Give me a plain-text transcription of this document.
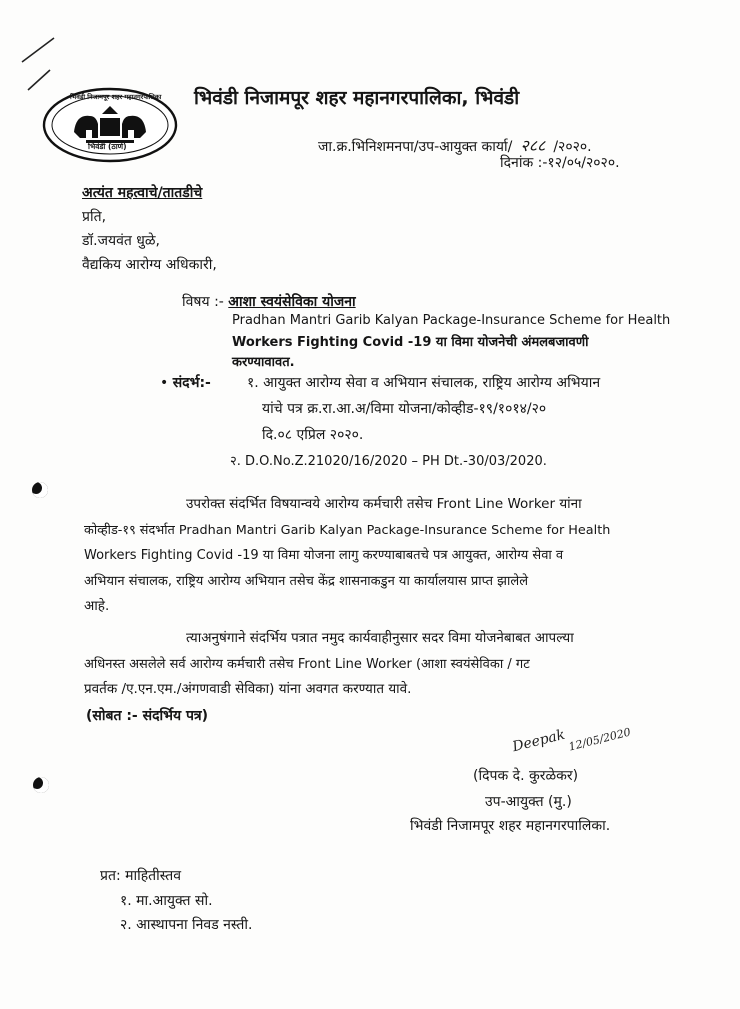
भिवंडी निजामपूर शहर महानगरपालिका
भिवंडी (ठाणे)
भिवंडी निजामपूर शहर महानगरपालिका, भिवंडी
जा.क्र.भिनिशमनपा/उप-आयुक्त कार्या/ २८८ /२०२०.
दिनांक :-१२/०५/२०२०.
अत्यंत महत्वाचे/तातडीचे
प्रति,
डॉ.जयवंत धुळे,
वैद्यकिय आरोग्य अधिकारी,
विषय :- आशा स्वयंसेविका योजना
Pradhan Mantri Garib Kalyan Package-Insurance Scheme for Health
Workers Fighting Covid -19 या विमा योजनेची अंमलबजावणी
करण्यावावत.
• संदर्भ:-	१. आयुक्त आरोग्य सेवा व अभियान संचालक, राष्ट्रिय आरोग्य अभियान
यांचे पत्र क्र.रा.आ.अ/विमा योजना/कोव्हीड-१९/१०१४/२०
दि.०८ एप्रिल २०२०.
२. D.O.No.Z.21020/16/2020 – PH Dt.-30/03/2020.

उपरोक्त संदर्भित विषयान्वये आरोग्य कर्मचारी तसेच Front Line Worker यांना

कोव्हीड-१९ संदर्भात Pradhan Mantri Garib Kalyan Package-Insurance Scheme for Health

Workers Fighting Covid -19 या विमा योजना लागु करण्याबाबतचे पत्र आयुक्त, आरोग्य सेवा व

अभियान संचालक, राष्ट्रिय आरोग्य अभियान तसेच केंद्र शासनाकडुन या कार्यालयास प्राप्त झालेले

आहे.

त्याअनुषंगाने संदर्भिय पत्रात नमुद कार्यवाहीनुसार सदर विमा योजनेबाबत आपल्या

अधिनस्त असलेले सर्व आरोग्य कर्मचारी तसेच Front Line Worker (आशा स्वयंसेविका / गट

प्रवर्तक /ए.एन.एम./अंगणवाडी सेविका) यांना अवगत करण्यात यावे.

(सोबत :- संदर्भिय पत्र)
Deepak 12/05/2020
(दिपक दे. कुरळेकर)
उप-आयुक्त (मु.)
भिवंडी निजामपूर शहर महानगरपालिका.
प्रत: माहितीस्तव
१. मा.आयुक्त सो.
२. आस्थापना निवड नस्ती.
